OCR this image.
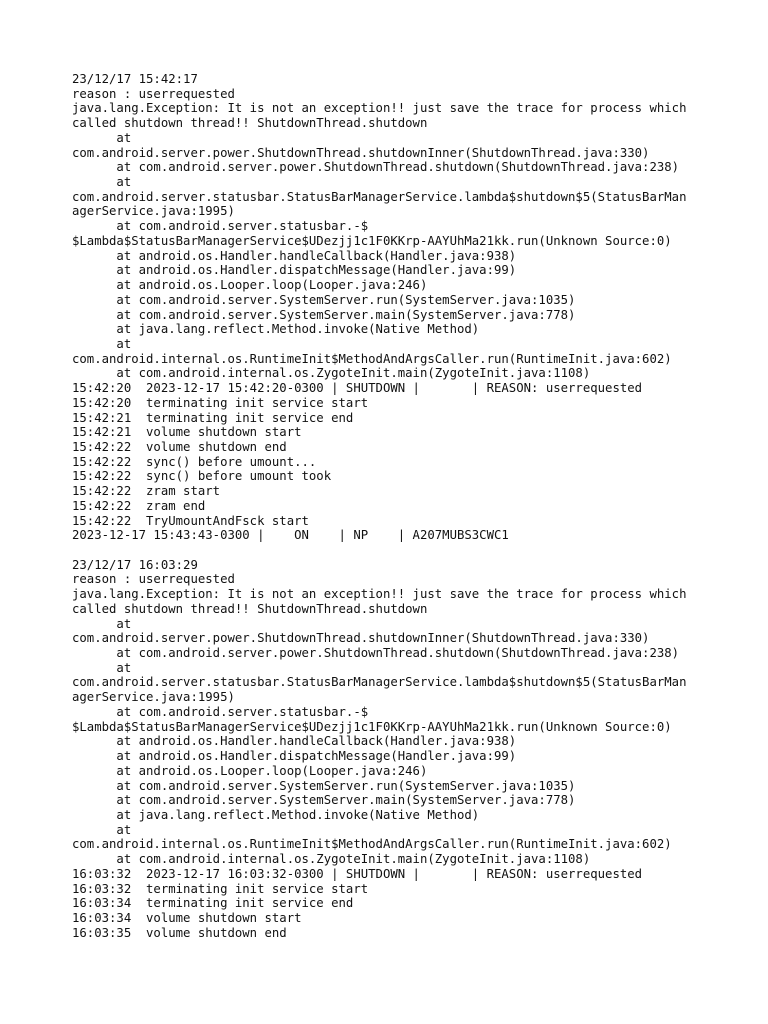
23/12/17 15:42:17
reason : userrequested
java.lang.Exception: It is not an exception!! just save the trace for process which
called shutdown thread!! ShutdownThread.shutdown
at
com.android.server.power.ShutdownThread.shutdownInner(ShutdownThread.java:330)
at com.android.server.power.ShutdownThread.shutdown(ShutdownThread.java:238)
at
com.android.server.statusbar.StatusBarManagerService.lambda$shutdown$5(StatusBarMan
agerService.java:1995)
at com.android.server.statusbar.-$
$Lambda$StatusBarManagerService$UDezjj1c1F0KKrp-AAYUhMa21kk.run(Unknown Source:0)
at android.os.Handler.handleCallback(Handler.java:938)
at android.os.Handler.dispatchMessage(Handler.java:99)
at android.os.Looper.loop(Looper.java:246)
at com.android.server.SystemServer.run(SystemServer.java:1035)
at com.android.server.SystemServer.main(SystemServer.java:778)
at java.lang.reflect.Method.invoke(Native Method)
at
com.android.internal.os.RuntimeInit$MethodAndArgsCaller.run(RuntimeInit.java:602)
at com.android.internal.os.ZygoteInit.main(ZygoteInit.java:1108)
15:42:20  2023-12-17 15:42:20-0300 | SHUTDOWN |       | REASON: userrequested
15:42:20  terminating init service start
15:42:21  terminating init service end
15:42:21  volume shutdown start
15:42:22  volume shutdown end
15:42:22  sync() before umount...
15:42:22  sync() before umount took
15:42:22  zram start
15:42:22  zram end
15:42:22  TryUmountAndFsck start
2023-12-17 15:43:43-0300 |    ON    | NP    | A207MUBS3CWC1
23/12/17 16:03:29
reason : userrequested
java.lang.Exception: It is not an exception!! just save the trace for process which
called shutdown thread!! ShutdownThread.shutdown
at
com.android.server.power.ShutdownThread.shutdownInner(ShutdownThread.java:330)
at com.android.server.power.ShutdownThread.shutdown(ShutdownThread.java:238)
at
com.android.server.statusbar.StatusBarManagerService.lambda$shutdown$5(StatusBarMan
agerService.java:1995)
at com.android.server.statusbar.-$
$Lambda$StatusBarManagerService$UDezjj1c1F0KKrp-AAYUhMa21kk.run(Unknown Source:0)
at android.os.Handler.handleCallback(Handler.java:938)
at android.os.Handler.dispatchMessage(Handler.java:99)
at android.os.Looper.loop(Looper.java:246)
at com.android.server.SystemServer.run(SystemServer.java:1035)
at com.android.server.SystemServer.main(SystemServer.java:778)
at java.lang.reflect.Method.invoke(Native Method)
at
com.android.internal.os.RuntimeInit$MethodAndArgsCaller.run(RuntimeInit.java:602)
at com.android.internal.os.ZygoteInit.main(ZygoteInit.java:1108)
16:03:32  2023-12-17 16:03:32-0300 | SHUTDOWN |       | REASON: userrequested
16:03:32  terminating init service start
16:03:34  terminating init service end
16:03:34  volume shutdown start
16:03:35  volume shutdown end
